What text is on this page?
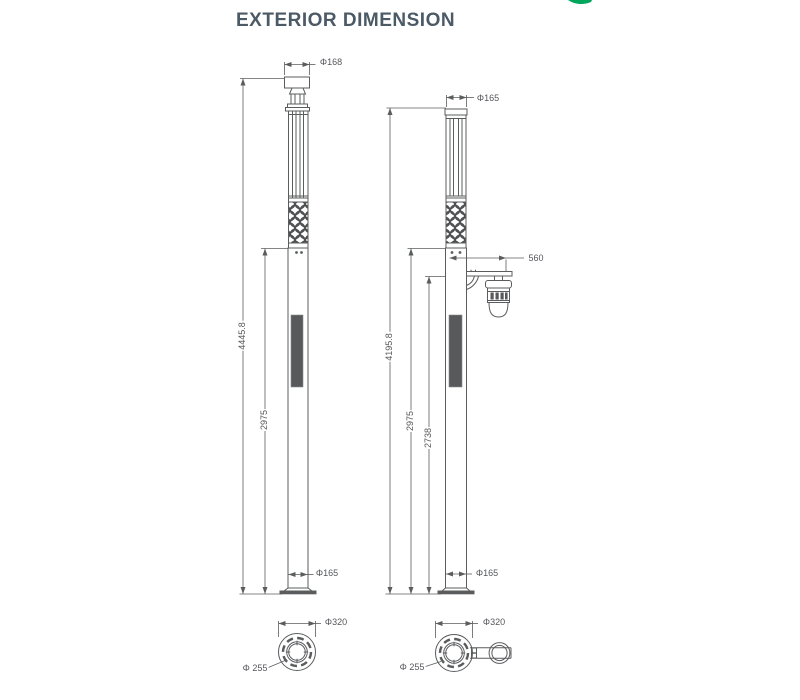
EXTERIOR DIMENSION
Φ168
4445.8
2975
Φ165
Φ165
560
4195.8
2975
2738
Φ165
Φ320
Φ 255
Φ320
Φ 255
